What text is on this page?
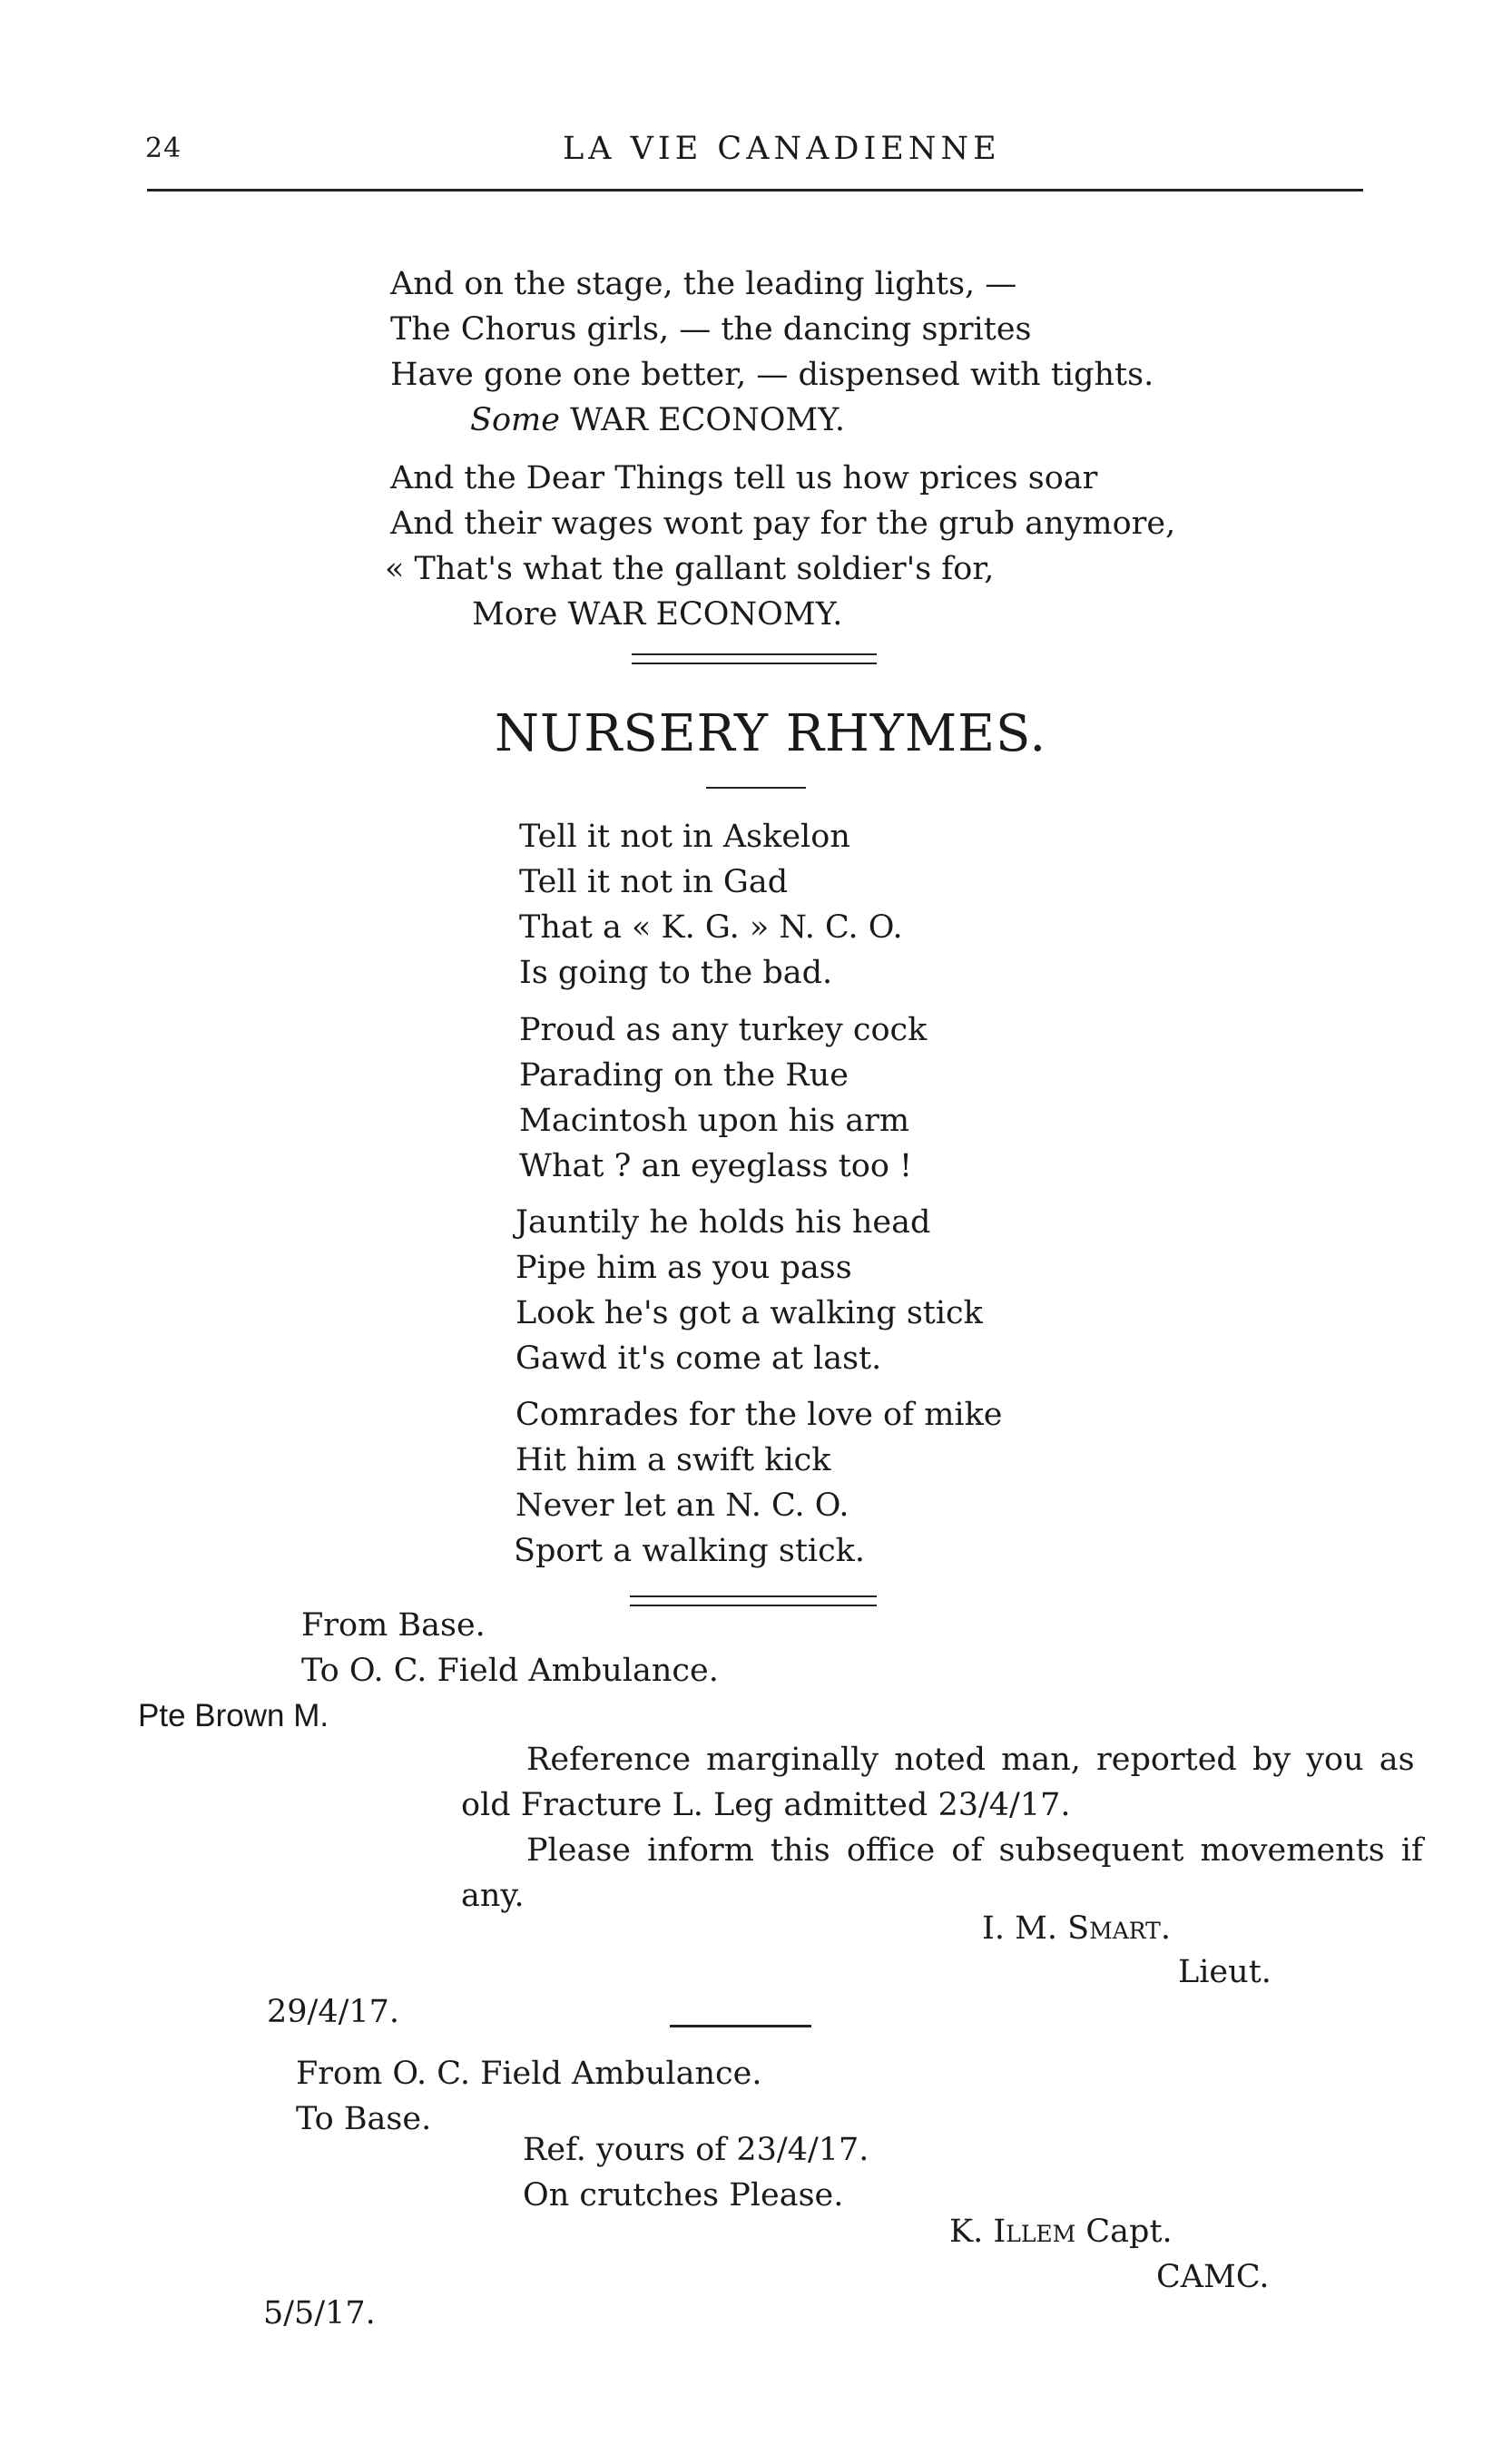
24	LA VIE CANADIENNE
And on the stage, the leading lights, —
The Chorus girls, — the dancing sprites
Have gone one better, — dispensed with tights.
Some WAR ECONOMY.
And the Dear Things tell us how prices soar
And their wages wont pay for the grub anymore,
« That's what the gallant soldier's for,
More WAR ECONOMY.
NURSERY RHYMES.
Tell it not in Askelon
Tell it not in Gad
That a « K. G. » N. C. O.
Is going to the bad.
Proud as any turkey cock
Parading on the Rue
Macintosh upon his arm
What ? an eyeglass too !
Jauntily he holds his head
Pipe him as you pass
Look he's got a walking stick
Gawd it's come at last.
Comrades for the love of mike
Hit him a swift kick
Never let an N. C. O.
Sport a walking stick.
From Base.
To O. C. Field Ambulance.
Pte Brown M.
Reference marginally noted man, reported by you as
old Fracture L. Leg admitted 23/4/17.
Please inform this office of subsequent movements if
any.
I. M. Smart.
Lieut.
29/4/17.
From O. C. Field Ambulance.
To Base.
Ref. yours of 23/4/17.
On crutches Please.
K. Illem Capt.
CAMC.
5/5/17.
